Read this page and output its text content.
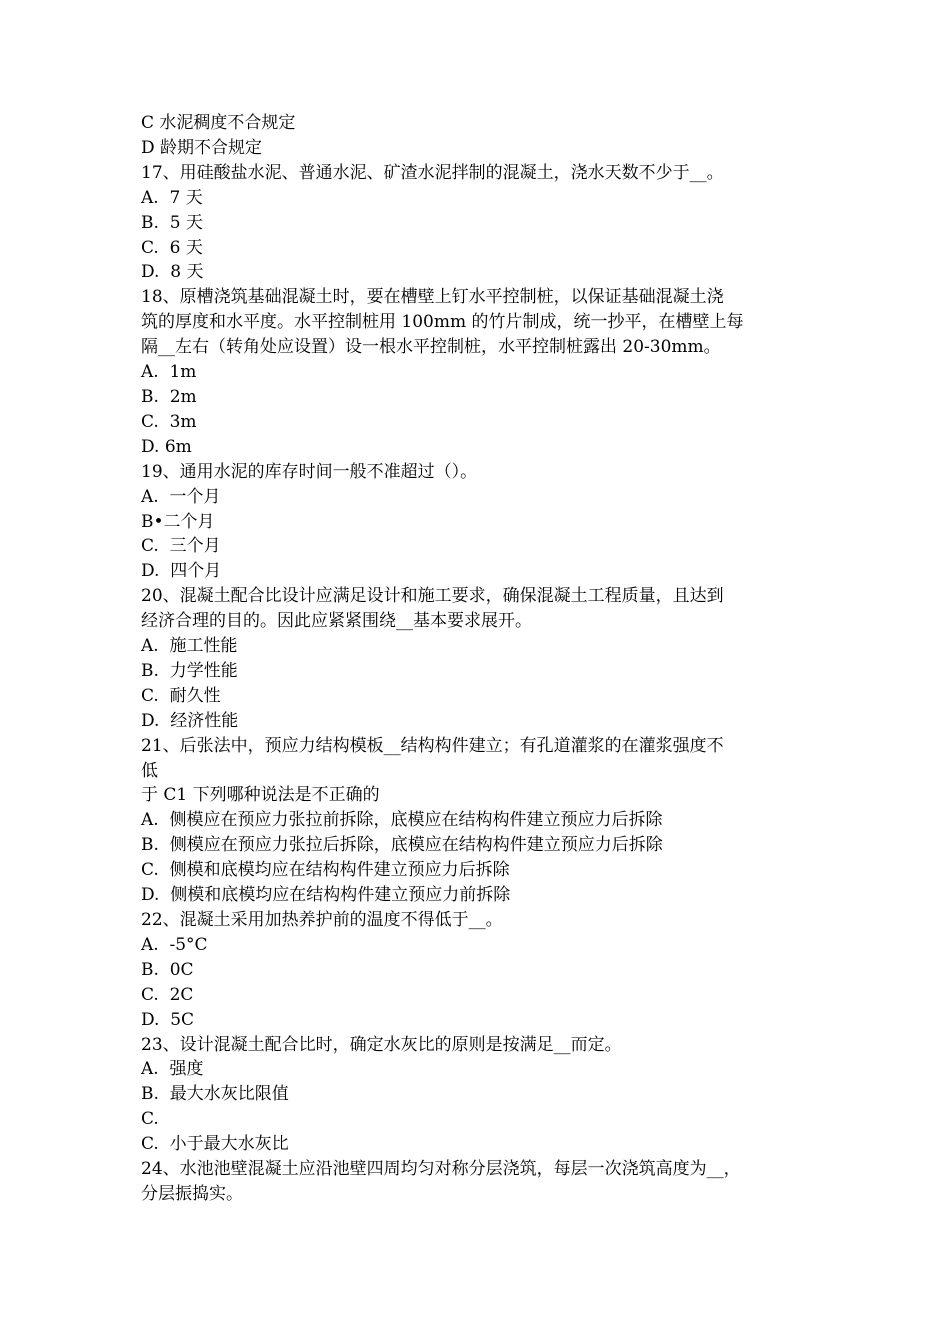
C 水泥稠度不合规定
D 龄期不合规定
17、用硅酸盐水泥、普通水泥、矿渣水泥拌制的混凝土，浇水天数不少于__。
A.  7 天
B.  5 天
C.  6 天
D.  8 天
18、原槽浇筑基础混凝土时，要在槽壁上钉水平控制桩，以保证基础混凝土浇
筑的厚度和水平度。水平控制桩用 100mm 的竹片制成，统一抄平，在槽壁上每
隔__左右（转角处应设置）设一根水平控制桩，水平控制桩露出 20-30mm。
A.  1m
B.  2m
C.  3m
D. 6m
19、通用水泥的库存时间一般不准超过（）。
A.  一个月
B•二个月
C.  三个月
D.  四个月
20、混凝土配合比设计应满足设计和施工要求，确保混凝土工程质量，且达到
经济合理的目的。因此应紧紧围绕__基本要求展开。
A.  施工性能
B.  力学性能
C.  耐久性
D.  经济性能
21、后张法中，预应力结构模板__结构构件建立；有孔道灌浆的在灌浆强度不
低
于 C1 下列哪种说法是不正确的
A.  侧模应在预应力张拉前拆除，底模应在结构构件建立预应力后拆除
B.  侧模应在预应力张拉后拆除，底模应在结构构件建立预应力后拆除
C.  侧模和底模均应在结构构件建立预应力后拆除
D.  侧模和底模均应在结构构件建立预应力前拆除
22、混凝土采用加热养护前的温度不得低于__。
A.  -5°C
B.  0C
C.  2C
D.  5C
23、设计混凝土配合比时，确定水灰比的原则是按满足__而定。
A.  强度
B.  最大水灰比限值
C.
C.  小于最大水灰比
24、水池池壁混凝土应沿池壁四周均匀对称分层浇筑，每层一次浇筑高度为__，
分层振捣实。
